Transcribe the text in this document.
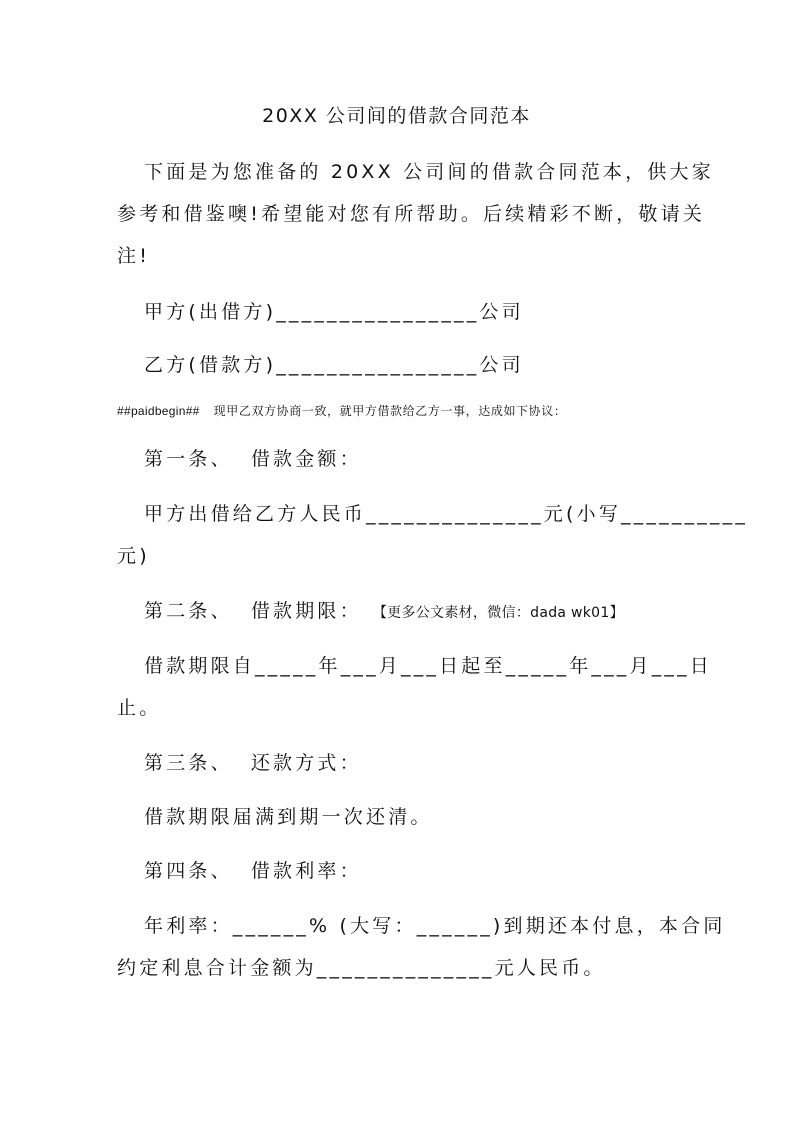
20XX 公司间的借款合同范本
下面是为您准备的 20XX 公司间的借款合同范本，供大家
参考和借鉴噢!希望能对您有所帮助。后续精彩不断，敬请关
注!
甲方(出借方)________________公司
乙方(借款方)________________公司
##paidbegin## 现甲乙双方协商一致，就甲方借款给乙方一事，达成如下协议：
第一条、 借款金额：
甲方出借给乙方人民币______________元(小写__________
元)
第二条、 借款期限： 【更多公文素材，微信：dada wk01】
借款期限自_____年___月___日起至_____年___月___日
止。
第三条、 还款方式：
借款期限届满到期一次还清。
第四条、 借款利率：
年利率：______% (大写：______)到期还本付息，本合同
约定利息合计金额为______________元人民币。
